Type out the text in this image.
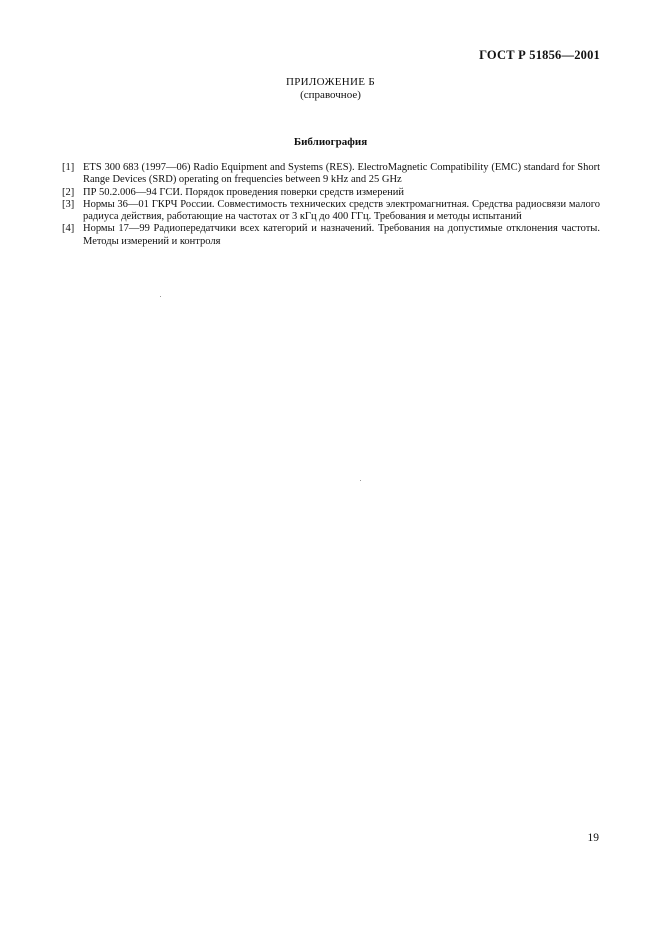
ГОСТ Р 51856—2001
ПРИЛОЖЕНИЕ Б
(справочное)
Библиография
[1] ETS 300 683 (1997—06) Radio Equipment and Systems (RES). ElectroMagnetic Compatibility (EMC) standard for Short Range Devices (SRD) operating on frequencies between 9 kHz and 25 GHz
[2] ПР 50.2.006—94 ГСИ. Порядок проведения поверки средств измерений
[3] Нормы 36—01 ГКРЧ России. Совместимость технических средств электромагнитная. Средства радиосвязи малого радиуса действия, работающие на частотах от 3 кГц до 400 ГГц. Требования и методы испытаний
[4] Нормы 17—99 Радиопередатчики всех категорий и назначений. Требования на допустимые отклонения частоты. Методы измерений и контроля
19
